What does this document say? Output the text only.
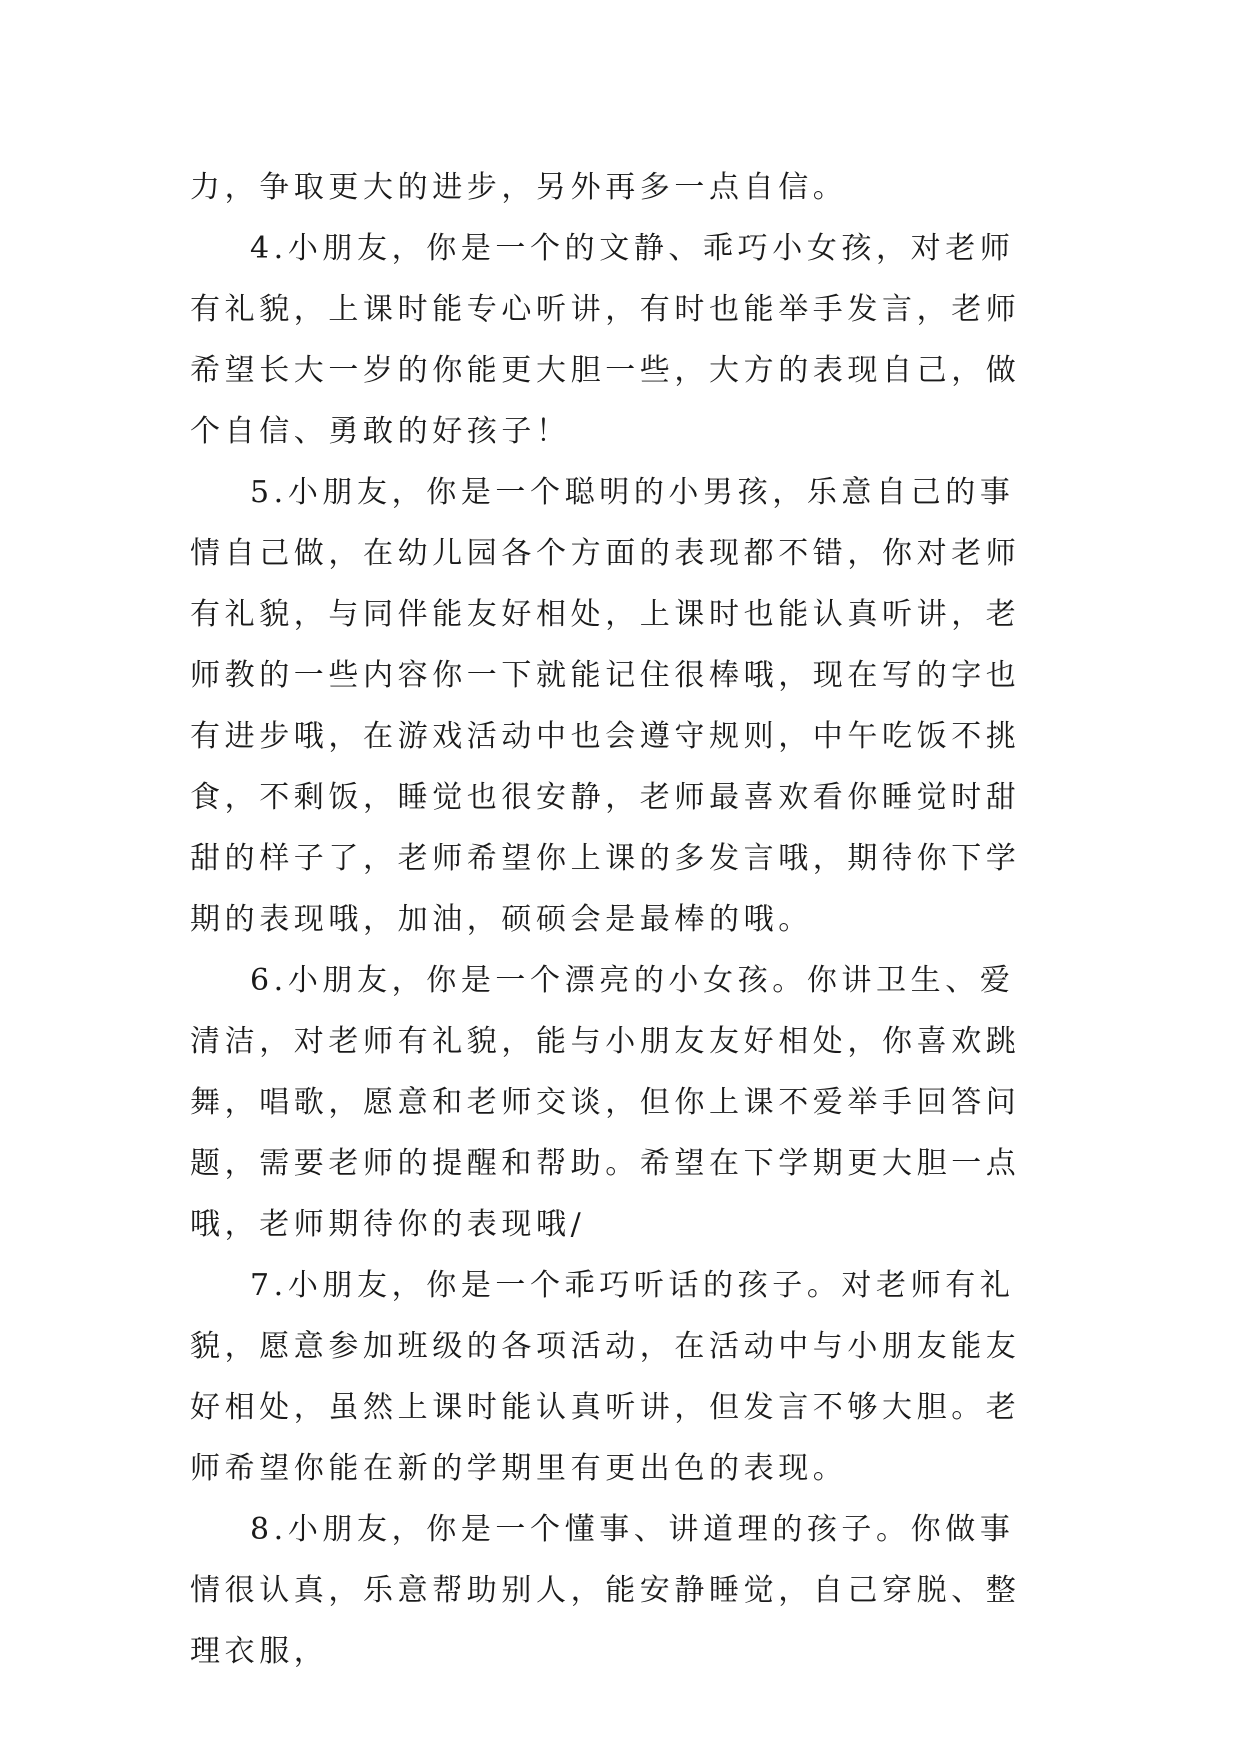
力，争取更大的进步，另外再多一点自信。

4.小朋友，你是一个的文静、乖巧小女孩，对老师有礼貌，上课时能专心听讲，有时也能举手发言，老师希望长大一岁的你能更大胆一些，大方的表现自己，做个自信、勇敢的好孩子！

5.小朋友，你是一个聪明的小男孩，乐意自己的事情自己做，在幼儿园各个方面的表现都不错，你对老师有礼貌，与同伴能友好相处，上课时也能认真听讲，老师教的一些内容你一下就能记住很棒哦，现在写的字也有进步哦，在游戏活动中也会遵守规则，中午吃饭不挑食，不剩饭，睡觉也很安静，老师最喜欢看你睡觉时甜甜的样子了，老师希望你上课的多发言哦，期待你下学期的表现哦，加油，硕硕会是最棒的哦。

6.小朋友，你是一个漂亮的小女孩。你讲卫生、爱清洁，对老师有礼貌，能与小朋友友好相处，你喜欢跳舞，唱歌，愿意和老师交谈，但你上课不爱举手回答问题，需要老师的提醒和帮助。希望在下学期更大胆一点哦，老师期待你的表现哦/

7.小朋友，你是一个乖巧听话的孩子。对老师有礼貌，愿意参加班级的各项活动，在活动中与小朋友能友好相处，虽然上课时能认真听讲，但发言不够大胆。老师希望你能在新的学期里有更出色的表现。

8.小朋友，你是一个懂事、讲道理的孩子。你做事情很认真，乐意帮助别人，能安静睡觉，自己穿脱、整理衣服，
